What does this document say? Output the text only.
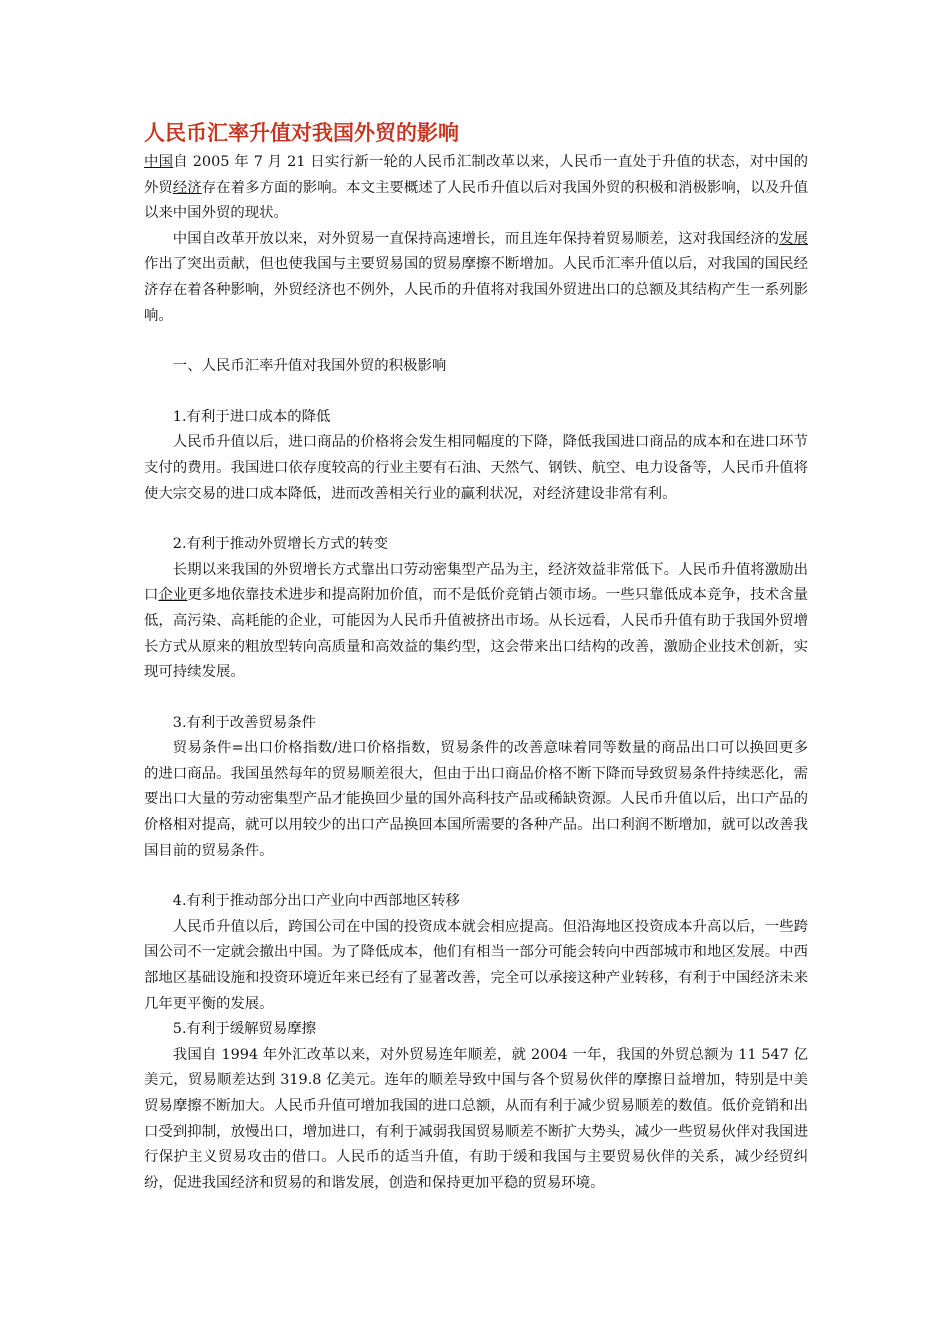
人民币汇率升值对我国外贸的影响

中国自 2005 年 7 月 21 日实行新一轮的人民币汇制改革以来，人民币一直处于升值的状态，对中国的外贸经济存在着多方面的影响。本文主要概述了人民币升值以后对我国外贸的积极和消极影响，以及升值以来中国外贸的现状。

中国自改革开放以来，对外贸易一直保持高速增长，而且连年保持着贸易顺差，这对我国经济的发展作出了突出贡献，但也使我国与主要贸易国的贸易摩擦不断增加。人民币汇率升值以后，对我国的国民经济存在着各种影响，外贸经济也不例外，人民币的升值将对我国外贸进出口的总额及其结构产生一系列影响。

一、人民币汇率升值对我国外贸的积极影响

1.有利于进口成本的降低

人民币升值以后，进口商品的价格将会发生相同幅度的下降，降低我国进口商品的成本和在进口环节支付的费用。我国进口依存度较高的行业主要有石油、天然气、钢铁、航空、电力设备等，人民币升值将使大宗交易的进口成本降低，进而改善相关行业的赢利状况，对经济建设非常有利。

2.有利于推动外贸增长方式的转变

长期以来我国的外贸增长方式靠出口劳动密集型产品为主，经济效益非常低下。人民币升值将激励出口企业更多地依靠技术进步和提高附加价值，而不是低价竞销占领市场。一些只靠低成本竞争，技术含量低，高污染、高耗能的企业，可能因为人民币升值被挤出市场。从长远看，人民币升值有助于我国外贸增长方式从原来的粗放型转向高质量和高效益的集约型，这会带来出口结构的改善，激励企业技术创新，实现可持续发展。

3.有利于改善贸易条件

贸易条件=出口价格指数/进口价格指数，贸易条件的改善意味着同等数量的商品出口可以换回更多的进口商品。我国虽然每年的贸易顺差很大，但由于出口商品价格不断下降而导致贸易条件持续恶化，需要出口大量的劳动密集型产品才能换回少量的国外高科技产品或稀缺资源。人民币升值以后，出口产品的价格相对提高，就可以用较少的出口产品换回本国所需要的各种产品。出口利润不断增加，就可以改善我国目前的贸易条件。

4.有利于推动部分出口产业向中西部地区转移

人民币升值以后，跨国公司在中国的投资成本就会相应提高。但沿海地区投资成本升高以后，一些跨国公司不一定就会撤出中国。为了降低成本，他们有相当一部分可能会转向中西部城市和地区发展。中西部地区基础设施和投资环境近年来已经有了显著改善，完全可以承接这种产业转移，有利于中国经济未来几年更平衡的发展。

5.有利于缓解贸易摩擦

我国自 1994 年外汇改革以来，对外贸易连年顺差，就 2004 一年，我国的外贸总额为 11 547 亿美元，贸易顺差达到 319.8 亿美元。连年的顺差导致中国与各个贸易伙伴的摩擦日益增加，特别是中美贸易摩擦不断加大。人民币升值可增加我国的进口总额，从而有利于减少贸易顺差的数值。低价竞销和出口受到抑制，放慢出口，增加进口，有利于减弱我国贸易顺差不断扩大势头，减少一些贸易伙伴对我国进行保护主义贸易攻击的借口。人民币的适当升值，有助于缓和我国与主要贸易伙伴的关系，减少经贸纠纷，促进我国经济和贸易的和谐发展，创造和保持更加平稳的贸易环境。
